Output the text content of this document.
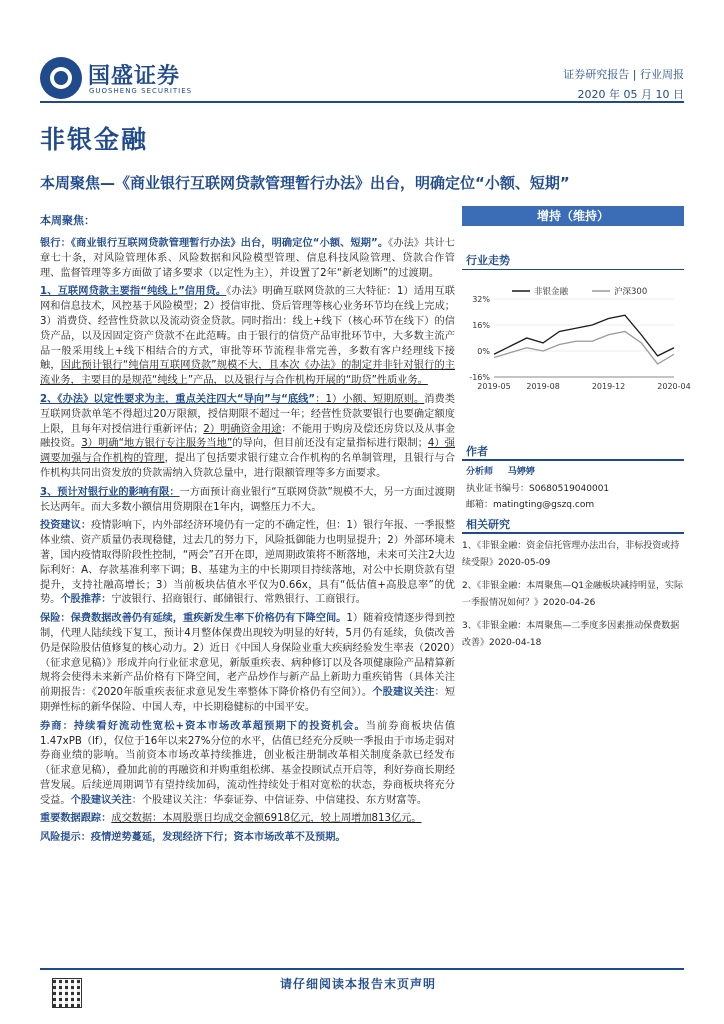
国盛证券
GUOSHENG SECURITIES
证券研究报告 | 行业周报
2020 年 05 月 10 日
非银金融
本周聚焦—《商业银行互联网贷款管理暂行办法》出台，明确定位“小额、短期”
本周聚焦：

银行：《商业银行互联网贷款管理暂行办法》出台，明确定位“小额、短期”。《办法》共计七章七十条，对风险管理体系、风险数据和风险模型管理、信息科技风险管理、贷款合作管理、监督管理等多方面做了诸多要求（以定性为主），并设置了2年“新老划断”的过渡期。

1、互联网贷款主要指“纯线上”信用贷。《办法》明确互联网贷款的三大特征：1）适用互联网和信息技术，风控基于风险模型；2）授信审批、贷后管理等核心业务环节均在线上完成；3）消费贷、经营性贷款以及流动资金贷款。同时指出：线上+线下（核心环节在线下）的信贷产品，以及因固定资产贷款不在此范畴。由于银行的信贷产品审批环节中，大多数主流产品一般采用线上+线下相结合的方式，审批等环节流程非常完善，多数有客户经理线下接触，因此预计银行“纯信用互联网贷款”规模不大，且本次《办法》的制定并非针对银行的主流业务，主要目的是规范“纯线上”产品，以及银行与合作机构开展的“助贷”性质业务。

2、《办法》以定性要求为主，重点关注四大“导向”与“底线”：1）小额、短期原则。消费类互联网贷款单笔不得超过20万限额，授信期限不超过一年；经营性贷款要银行也要确定额度上限，且每年对授信进行重新评估；2）明确资金用途：不能用于购房及偿还房贷以及从事金融投资。3）明确“地方银行专注服务当地”的导向，但目前还没有定量指标进行限制；4）强调要加强与合作机构的管理，提出了包括要求银行建立合作机构的名单制管理，且银行与合作机构共同出资发放的贷款需纳入贷款总量中，进行限额管理等多方面要求。

3、预计对银行业的影响有限：一方面预计商业银行“互联网贷款”规模不大，另一方面过渡期长达两年。而大多数小额信用贷期限在1年内，调整压力不大。

投资建议：疫情影响下，内外部经济环境仍有一定的不确定性，但：1）银行年报、一季报整体业绩、资产质量仍表现稳健，过去几的努力下，风险抵御能力也明显提升；2）外部环境未著，国内疫情取得阶段性控制，“两会”召开在即，逆周期政策将不断落地，未来可关注2大边际利好：A、存款基准利率下调；B、基建为主的中长期项目持续落地，对公中长期贷款有望提升，支持社融高增长；3）当前板块估值水平仅为0.66x，具有“低估值+高股息率”的优势。个股推荐：宁波银行、招商银行、邮储银行、常熟银行、工商银行。

保险：保费数据改善仍有延续，重疾新发生率下价格仍有下降空间。1）随着疫情逐步得到控制，代理人陆续线下复工，预计4月整体保费出现较为明显的好转，5月仍有延续，负债改善仍是保险股估值修复的核心动力。2）近日《中国人身保险业重大疾病经验发生率表（2020）（征求意见稿）》形成并向行业征求意见，新版重疾表、病种修订以及各项健康险产品精算新规将会使得未来新产品价格有下降空间，老产品炒作与新产品上新助力重疾销售（具体关注前期报告：《2020年版重疾表征求意见发生率整体下降价格仍有空间》）。个股建议关注：短期弹性标的新华保险、中国人寿，中长期稳健标的中国平安。

券商：持续看好流动性宽松+资本市场改革超预期下的投资机会。当前券商板块估值1.47xPB（lf），仅位于16年以来27%分位的水平，估值已经充分反映一季报由于市场走弱对券商业绩的影响。当前资本市场改革持续推进，创业板注册制改革相关制度条款已经发布（征求意见稿），叠加此前的再融资和并购重组松绑、基金投顾试点开启等，利好券商长期经营发展。后续逆周期调节有望持续加码，流动性持续处于相对宽松的状态，券商板块将充分受益。个股建议关注：个股建议关注：华泰证券、中信证券、中信建投、东方财富等。

重要数据跟踪：成交数据：本周股票日均成交金额6918亿元，较上周增加813亿元。

风险提示：疫情逆势蔓延，发现经济下行；资本市场改革不及预期。

增持（维持）
行业走势
32%
16%
0%
-16%
2019-05 2019-08	2019-12	2020-04
非银金融	沪深300
作者
分析师 马婷婷
执业证书编号：S0680519040001
邮箱：matingting@gszq.com
相关研究

1、《非银金融：资金信托管理办法出台，非标投资或持续受限》2020-05-09

2、《非银金融：本周聚焦—Q1金融板块减持明显，实际一季报情况如何？》2020-04-26

3、《非银金融：本周聚焦—二季度多因素推动保费数据改善》2020-04-18

请仔细阅读本报告末页声明
